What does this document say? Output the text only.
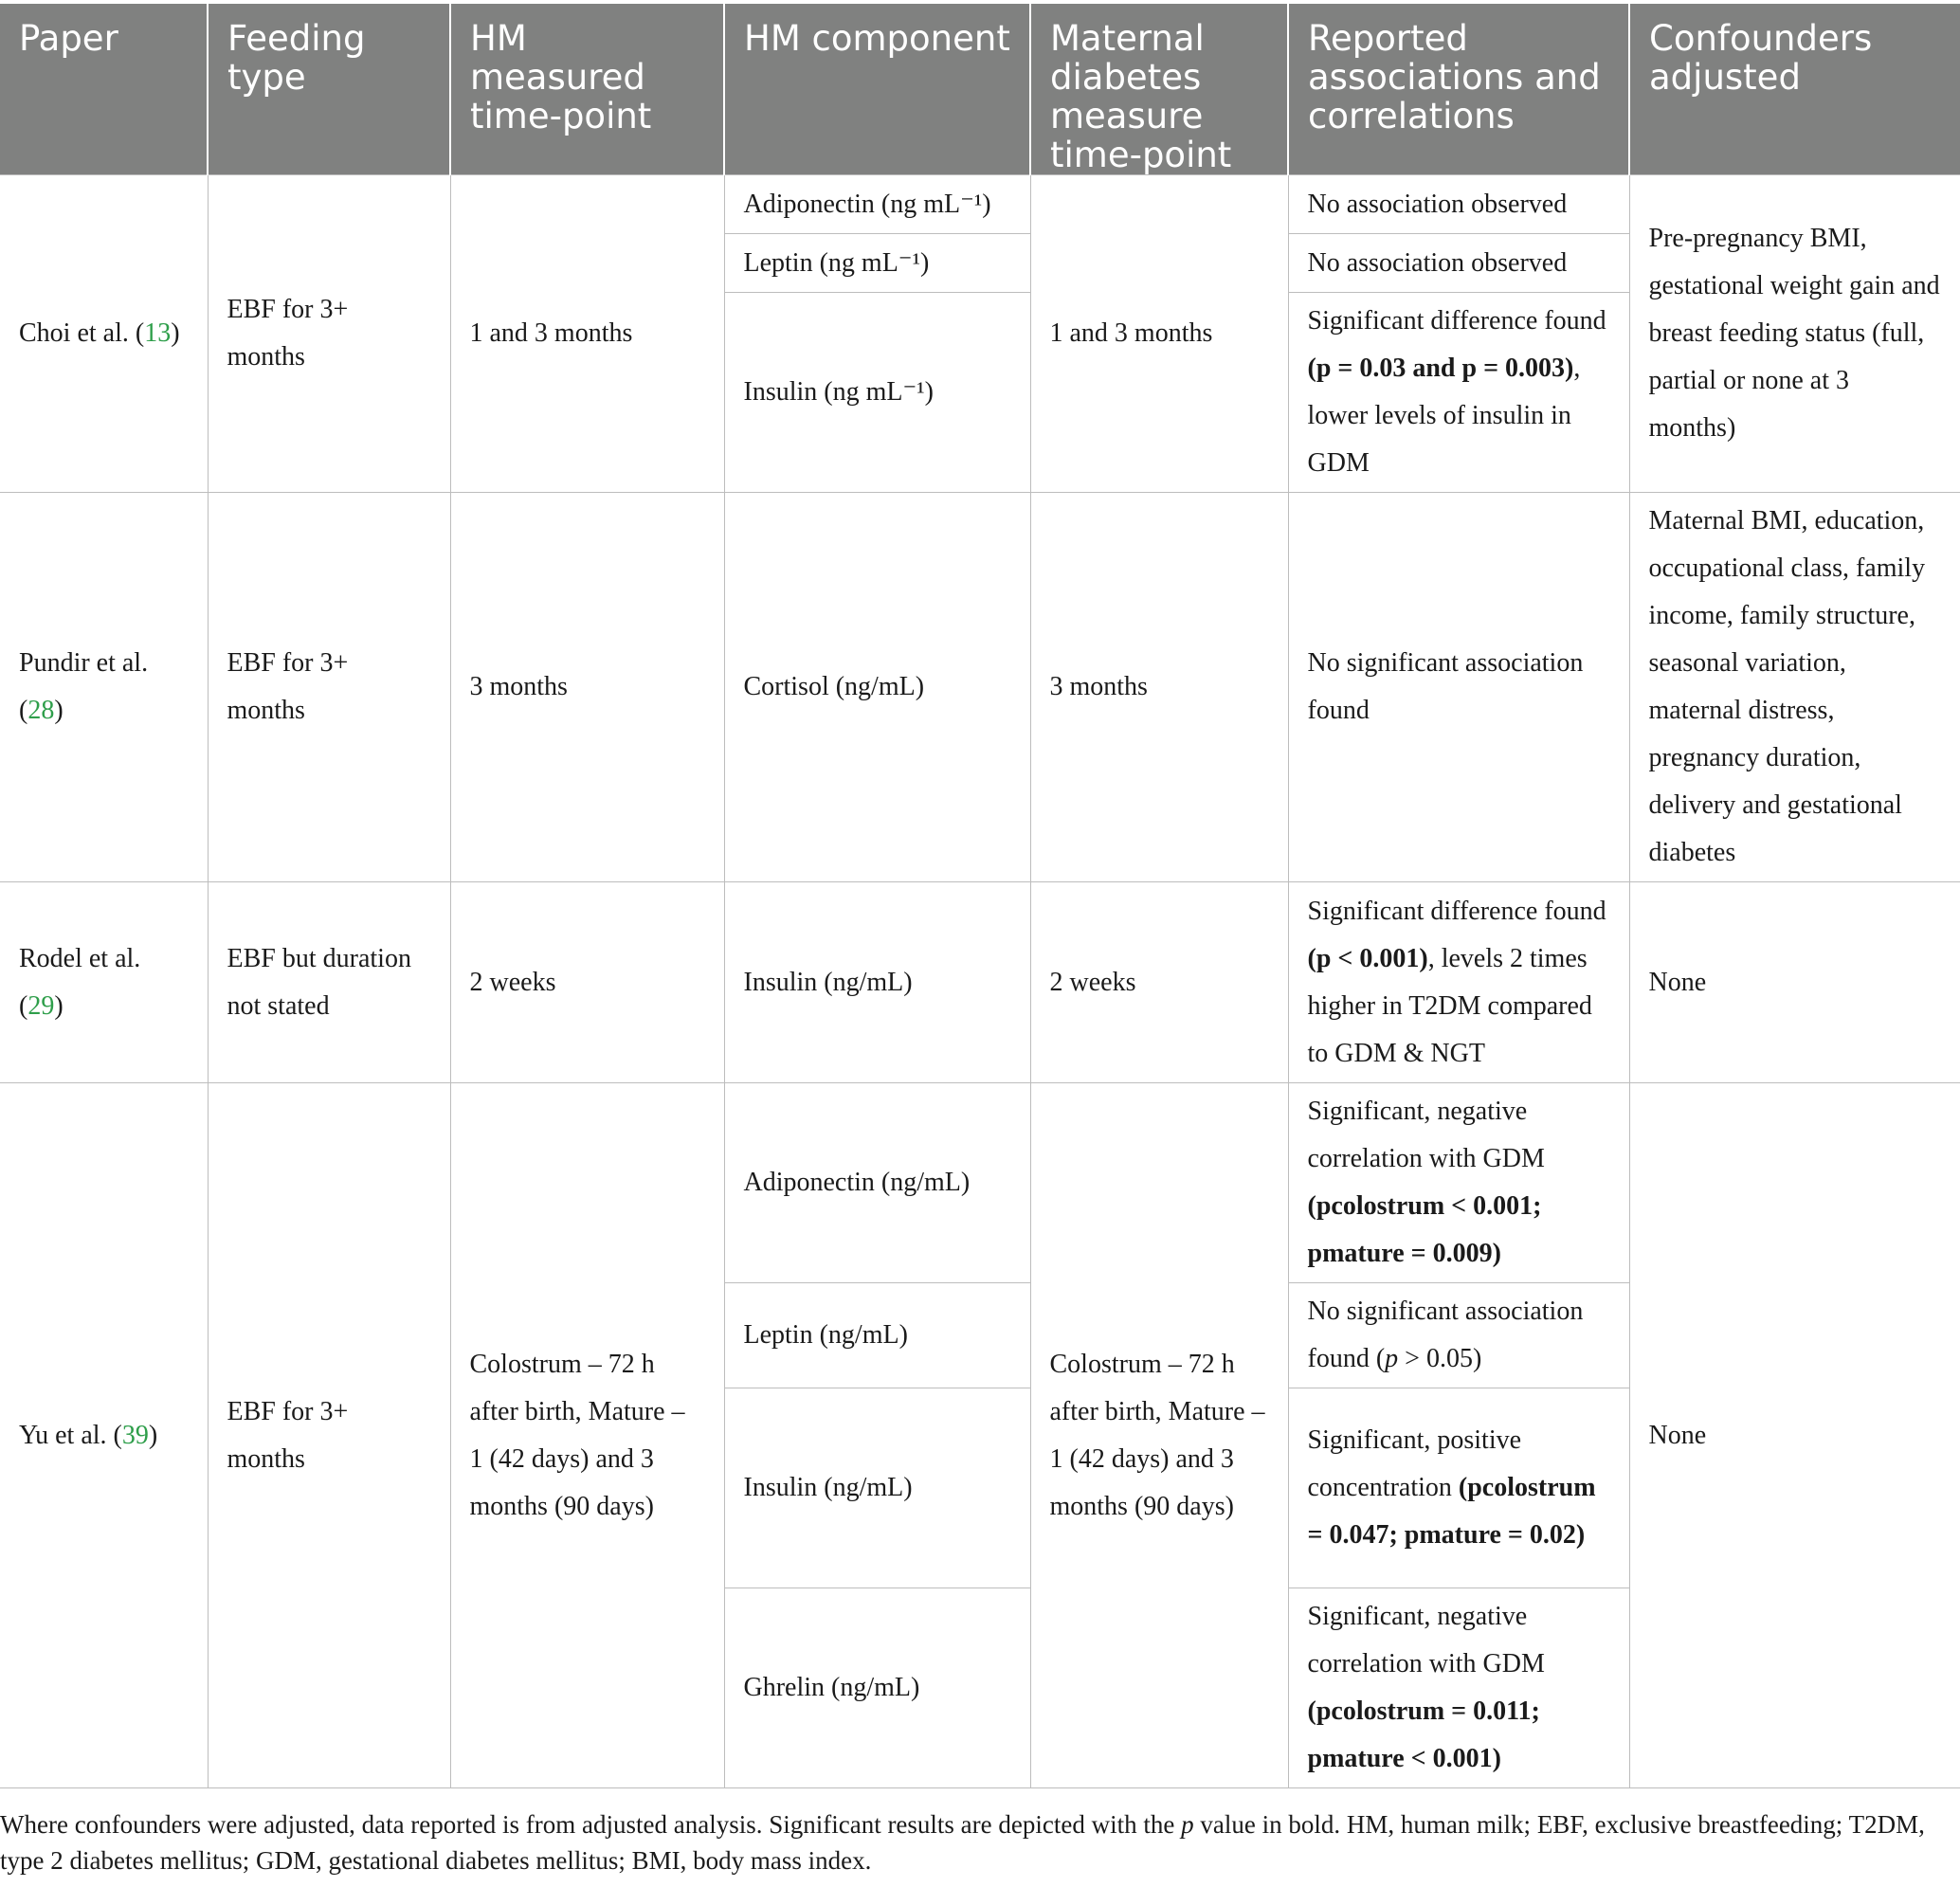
Paper	Feeding type	HM measured time-point	HM component	Maternal diabetes measure time-point	Reported associations and correlations	Confounders adjusted
Choi et al. (13)	EBF for 3+ months	1 and 3 months	Adiponectin (ng mL⁻¹)	1 and 3 months	No association observed	Pre-pregnancy BMI, gestational weight gain and breast feeding status (full, partial or none at 3 months)
			Leptin (ng mL⁻¹)		No association observed	
			Insulin (ng mL⁻¹)		Significant difference found (p = 0.03 and p = 0.003), lower levels of insulin in GDM	
Pundir et al. (28)	EBF for 3+ months	3 months	Cortisol (ng/mL)	3 months	No significant association found	Maternal BMI, education, occupational class, family income, family structure, seasonal variation, maternal distress, pregnancy duration, delivery and gestational diabetes
Rodel et al. (29)	EBF but duration not stated	2 weeks	Insulin (ng/mL)	2 weeks	Significant difference found (p < 0.001), levels 2 times higher in T2DM compared to GDM & NGT	None
Yu et al. (39)	EBF for 3+ months	Colostrum – 72 h after birth, Mature – 1 (42 days) and 3 months (90 days)	Adiponectin (ng/mL)	Colostrum – 72 h after birth, Mature – 1 (42 days) and 3 months (90 days)	Significant, negative correlation with GDM (pcolostrum < 0.001; pmature = 0.009)	None
			Leptin (ng/mL)		No significant association found (p > 0.05)	
			Insulin (ng/mL)		Significant, positive concentration (pcolostrum = 0.047; pmature = 0.02)	
			Ghrelin (ng/mL)		Significant, negative correlation with GDM (pcolostrum = 0.011; pmature < 0.001)	
Where confounders were adjusted, data reported is from adjusted analysis. Significant results are depicted with the p value in bold. HM, human milk; EBF, exclusive breastfeeding; T2DM, type 2 diabetes mellitus; GDM, gestational diabetes mellitus; BMI, body mass index.
